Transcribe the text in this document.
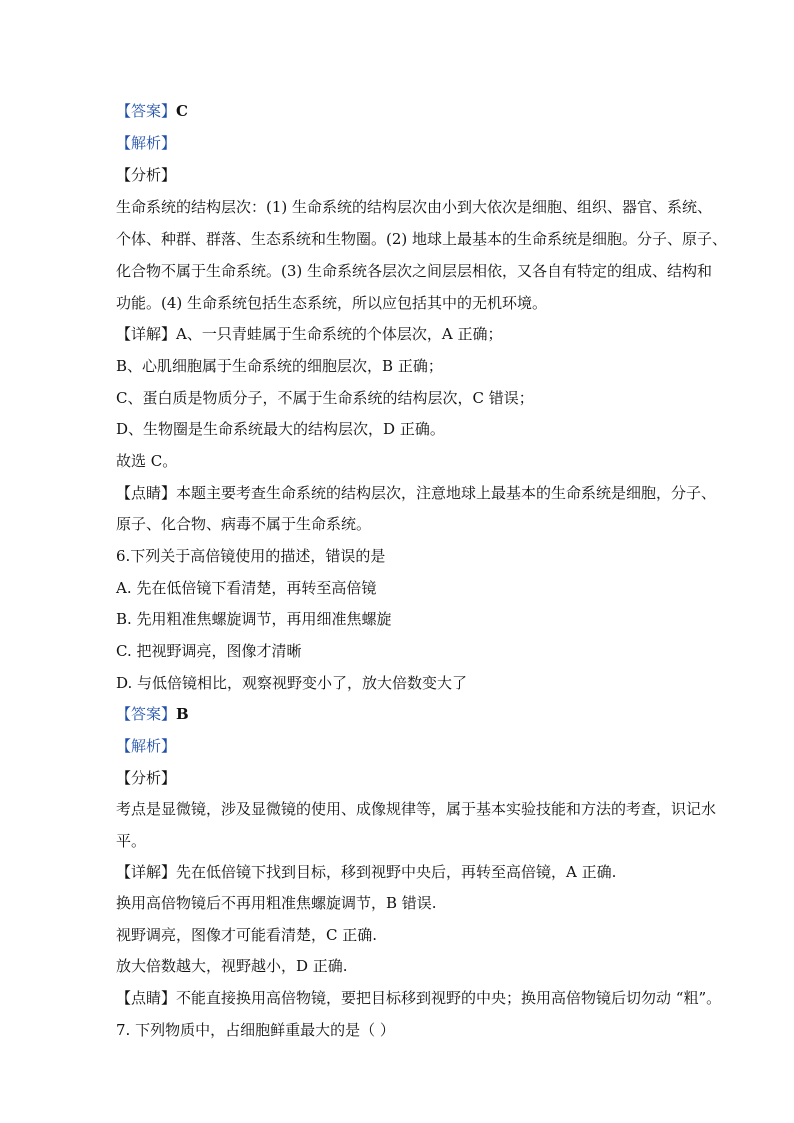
【答案】C
【解析】
【分析】
生命系统的结构层次：(1) 生命系统的结构层次由小到大依次是细胞、组织、器官、系统、
个体、种群、群落、生态系统和生物圈。(2) 地球上最基本的生命系统是细胞。分子、原子、
化合物不属于生命系统。(3) 生命系统各层次之间层层相依，又各自有特定的组成、结构和
功能。(4) 生命系统包括生态系统，所以应包括其中的无机环境。
【详解】A、一只青蛙属于生命系统的个体层次，A 正确；
B、心肌细胞属于生命系统的细胞层次，B 正确；
C、蛋白质是物质分子，不属于生命系统的结构层次，C 错误；
D、生物圈是生命系统最大的结构层次，D 正确。
故选 C。
【点睛】本题主要考查生命系统的结构层次，注意地球上最基本的生命系统是细胞，分子、
原子、化合物、病毒不属于生命系统。
6.下列关于高倍镜使用的描述，错误的是
A. 先在低倍镜下看清楚，再转至高倍镜
B. 先用粗准焦螺旋调节，再用细准焦螺旋
C. 把视野调亮，图像才清晰
D. 与低倍镜相比，观察视野变小了，放大倍数变大了
【答案】B
【解析】
【分析】
考点是显微镜，涉及显微镜的使用、成像规律等，属于基本实验技能和方法的考查，识记水
平。
【详解】先在低倍镜下找到目标，移到视野中央后，再转至高倍镜，A 正确.
换用高倍物镜后不再用粗准焦螺旋调节，B 错误.
视野调亮，图像才可能看清楚，C 正确.
放大倍数越大，视野越小，D 正确.
【点睛】不能直接换用高倍物镜，要把目标移到视野的中央；换用高倍物镜后切勿动 “粗”。
7. 下列物质中，占细胞鲜重最大的是（ ）
